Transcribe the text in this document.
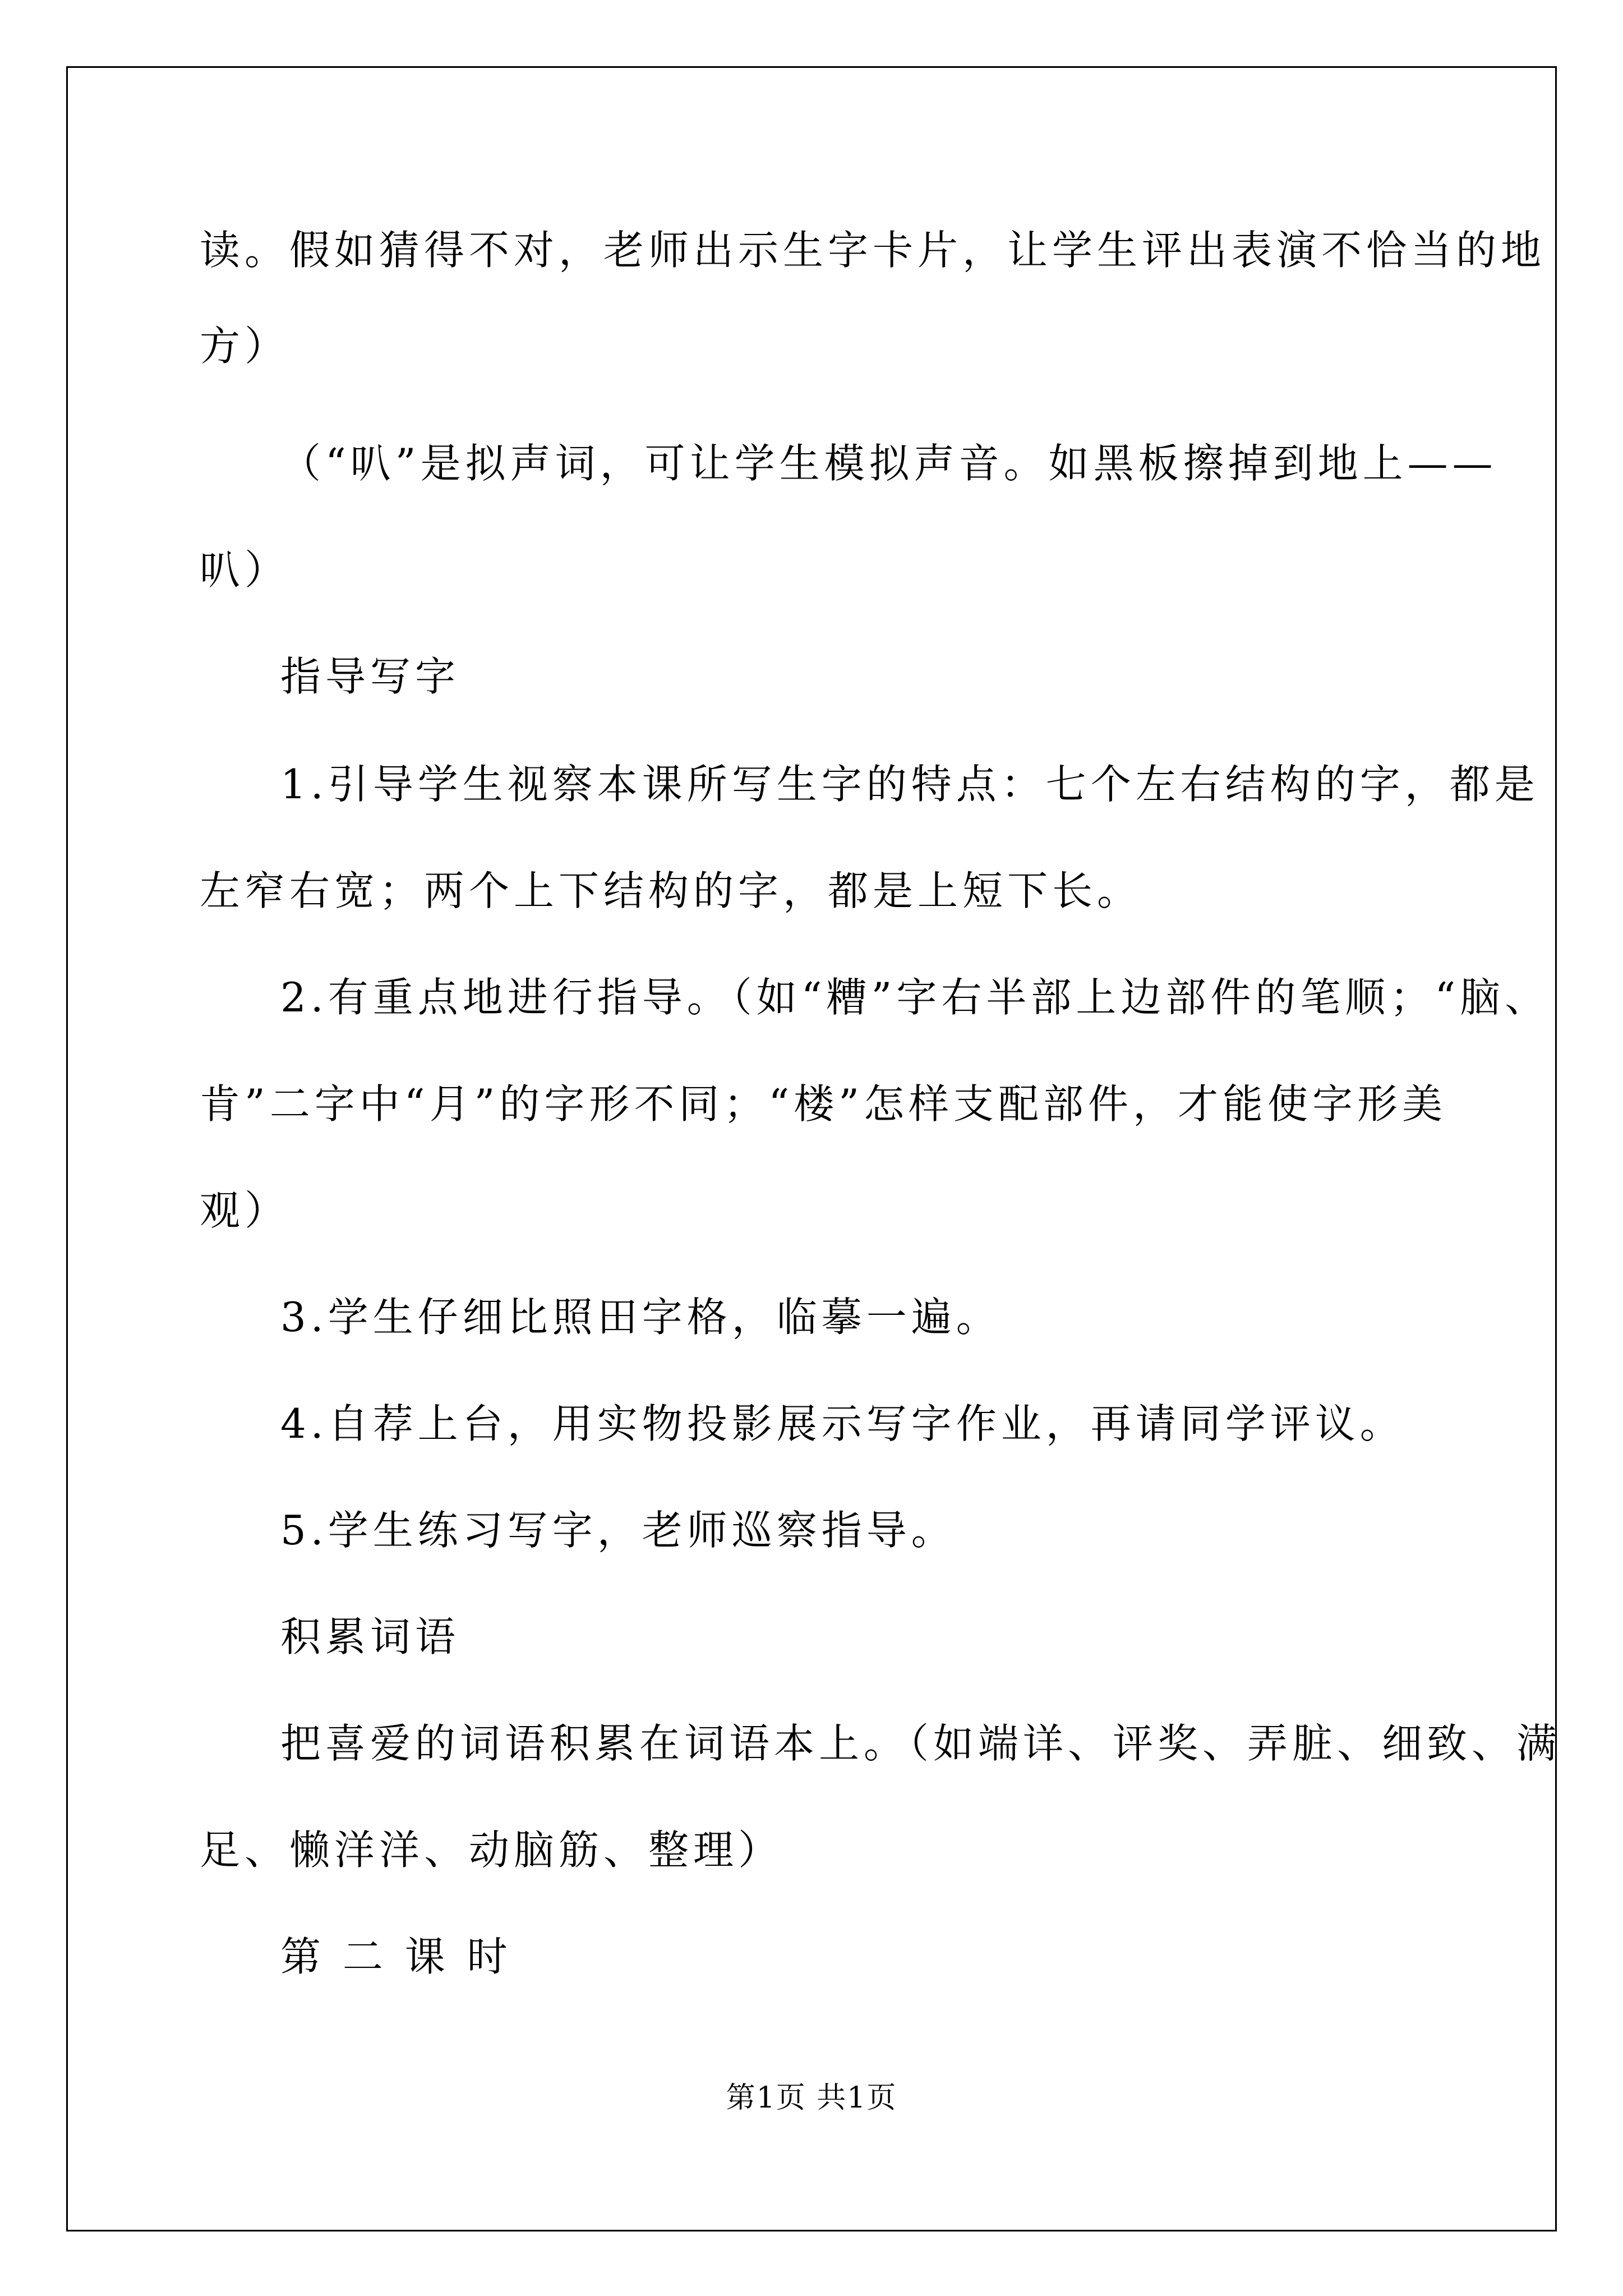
读。假如猜得不对，老师出示生字卡片，让学生评出表演不恰当的地
方）
（“叭”是拟声词，可让学生模拟声音。如黑板擦掉到地上——
叭）
指导写字
1.引导学生视察本课所写生字的特点：七个左右结构的字，都是
左窄右宽；两个上下结构的字，都是上短下长。
2.有重点地进行指导。（如“糟”字右半部上边部件的笔顺；“脑、
肯”二字中“月”的字形不同；“楼”怎样支配部件，才能使字形美
观）
3.学生仔细比照田字格，临摹一遍。
4.自荐上台，用实物投影展示写字作业，再请同学评议。
5.学生练习写字，老师巡察指导。
积累词语
把喜爱的词语积累在词语本上。（如端详、评奖、弄脏、细致、满
足、懒洋洋、动脑筋、整理）
第 二 课 时
第1页 共1页
